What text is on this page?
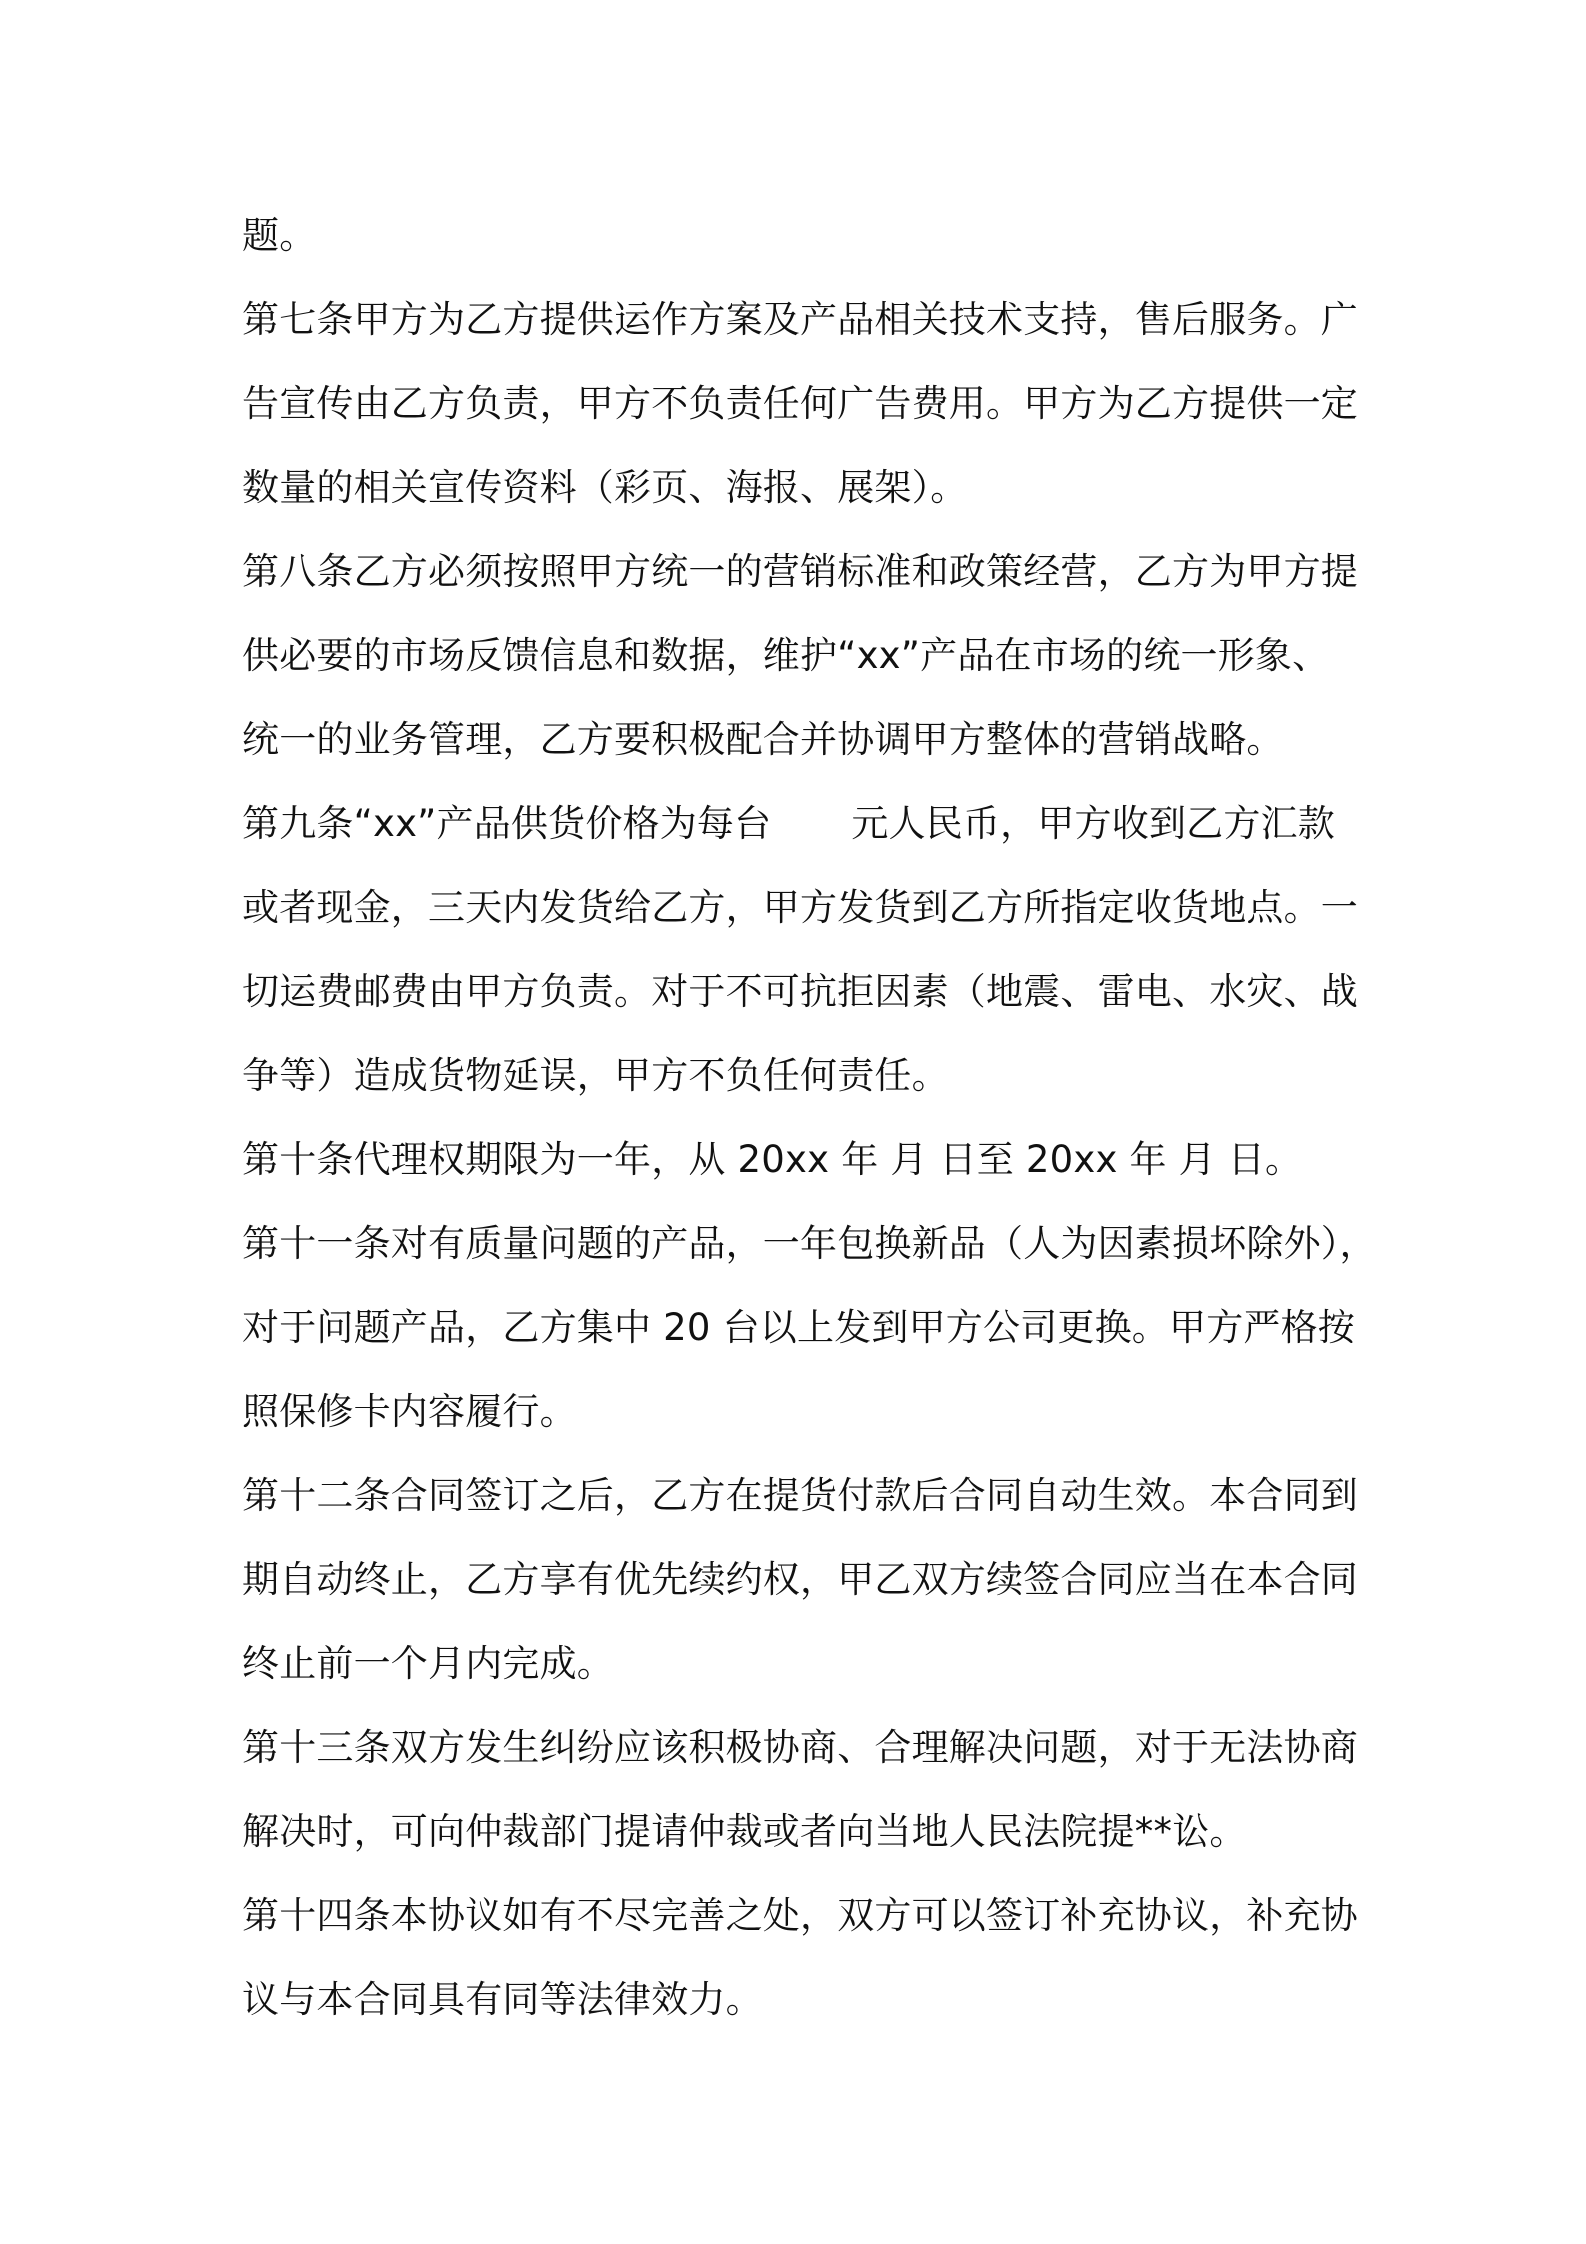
题。
第七条甲方为乙方提供运作方案及产品相关技术支持，售后服务。广
告宣传由乙方负责，甲方不负责任何广告费用。甲方为乙方提供一定
数量的相关宣传资料（彩页、海报、展架）。
第八条乙方必须按照甲方统一的营销标准和政策经营，乙方为甲方提
供必要的市场反馈信息和数据，维护“xx”产品在市场的统一形象、
统一的业务管理，乙方要积极配合并协调甲方整体的营销战略。
第九条“xx”产品供货价格为每台 元人民币，甲方收到乙方汇款
或者现金，三天内发货给乙方，甲方发货到乙方所指定收货地点。一
切运费邮费由甲方负责。对于不可抗拒因素（地震、雷电、水灾、战
争等）造成货物延误，甲方不负任何责任。
第十条代理权期限为一年，从 20xx 年 月 日至 20xx 年 月 日。
第十一条对有质量问题的产品，一年包换新品（人为因素损坏除外），
对于问题产品，乙方集中 20 台以上发到甲方公司更换。甲方严格按
照保修卡内容履行。
第十二条合同签订之后，乙方在提货付款后合同自动生效。本合同到
期自动终止，乙方享有优先续约权，甲乙双方续签合同应当在本合同
终止前一个月内完成。
第十三条双方发生纠纷应该积极协商、合理解决问题，对于无法协商
解决时，可向仲裁部门提请仲裁或者向当地人民法院提**讼。
第十四条本协议如有不尽完善之处，双方可以签订补充协议，补充协
议与本合同具有同等法律效力。
